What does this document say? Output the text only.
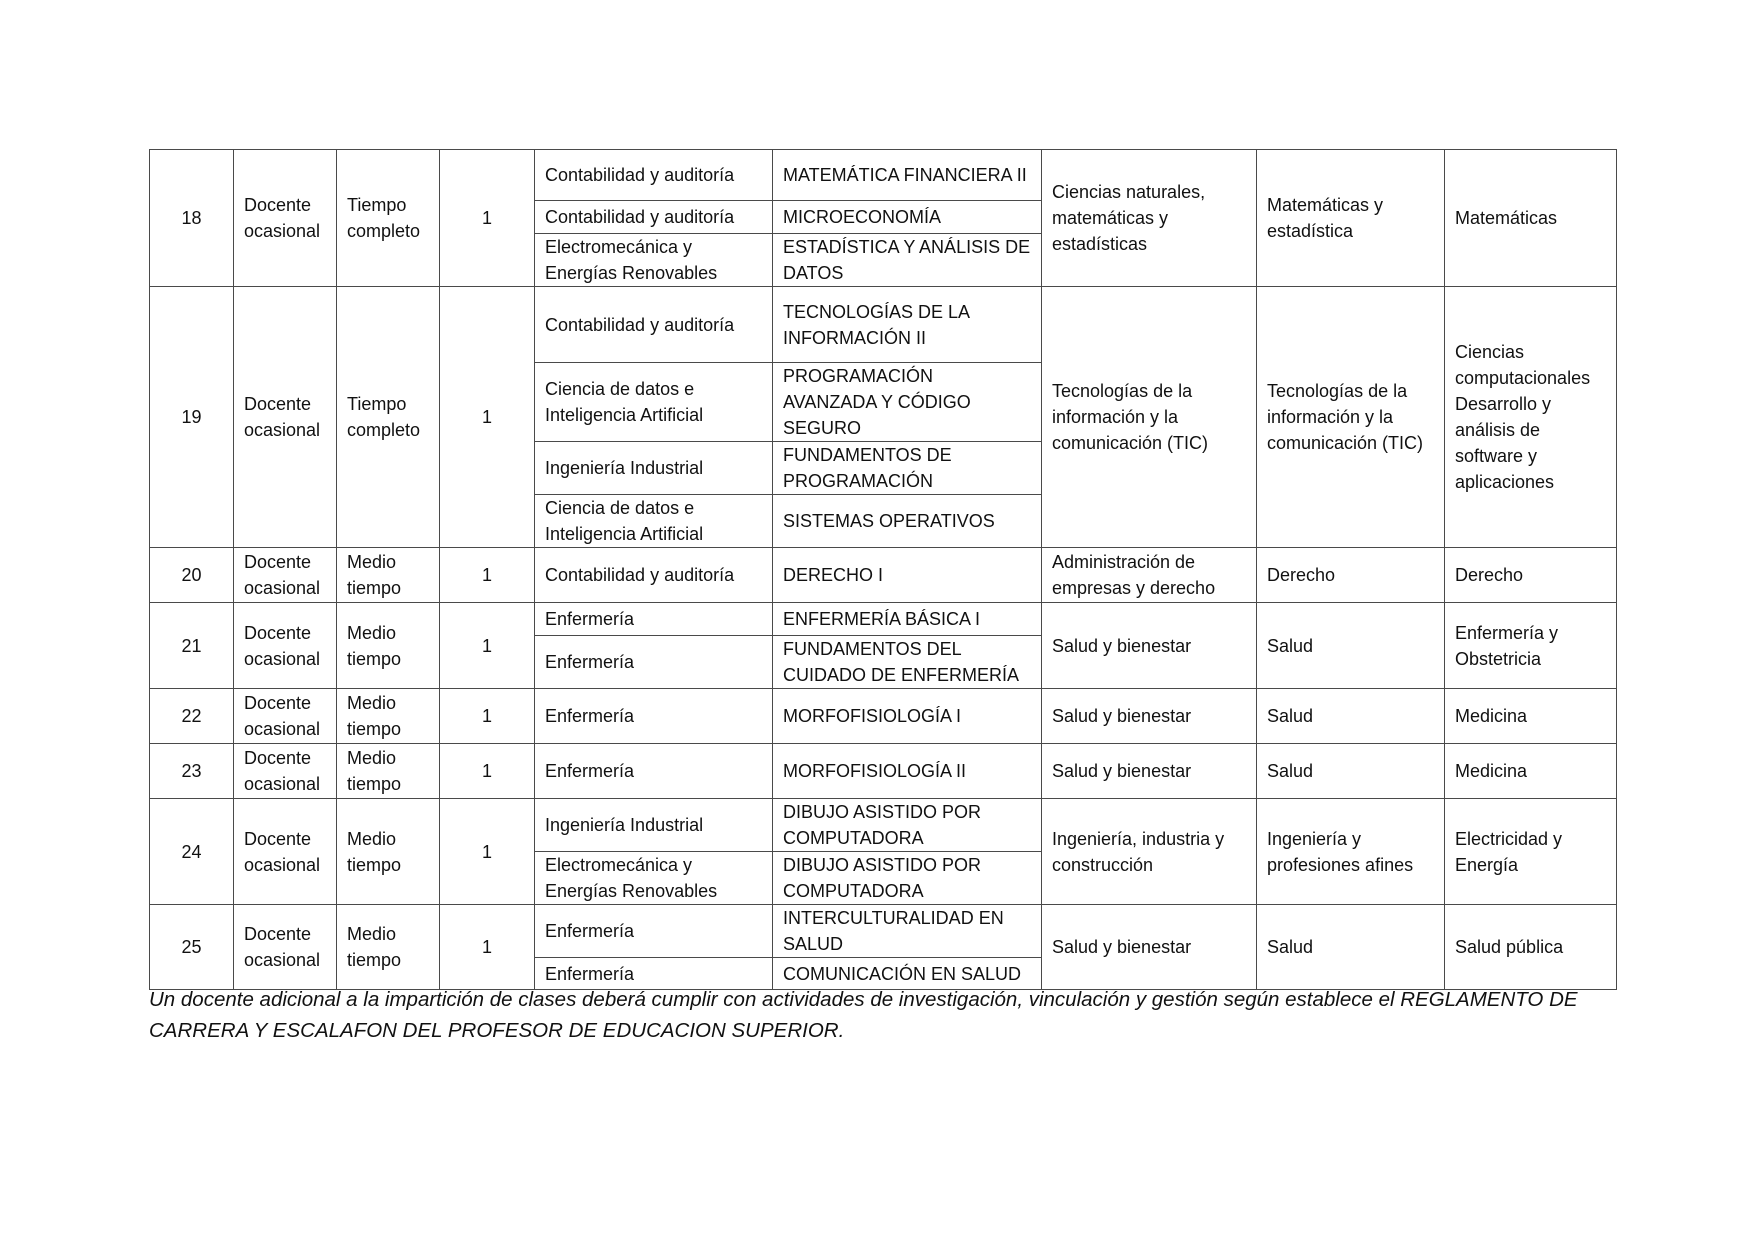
18	Docente ocasional	Tiempo completo	1	Contabilidad y auditoría	MATEMÁTICA FINANCIERA II	Ciencias naturales, matemáticas y estadísticas	Matemáticas y estadística	Matemáticas
				Contabilidad y auditoría	MICROECONOMÍA			
				Electromecánica y Energías Renovables	ESTADÍSTICA Y ANÁLISIS DE DATOS			
19	Docente ocasional	Tiempo completo	1	Contabilidad y auditoría	TECNOLOGÍAS DE LA INFORMACIÓN II	Tecnologías de la información y la comunicación (TIC)	Tecnologías de la información y la comunicación (TIC)	Ciencias computacionales Desarrollo y análisis de software y aplicaciones
				Ciencia de datos e Inteligencia Artificial	PROGRAMACIÓN AVANZADA Y CÓDIGO SEGURO			
				Ingeniería Industrial	FUNDAMENTOS DE PROGRAMACIÓN			
				Ciencia de datos e Inteligencia Artificial	SISTEMAS OPERATIVOS			
20	Docente ocasional	Medio tiempo	1	Contabilidad y auditoría	DERECHO I	Administración de empresas y derecho	Derecho	Derecho
21	Docente ocasional	Medio tiempo	1	Enfermería	ENFERMERÍA BÁSICA I	Salud y bienestar	Salud	Enfermería y Obstetricia
				Enfermería	FUNDAMENTOS DEL CUIDADO DE ENFERMERÍA			
22	Docente ocasional	Medio tiempo	1	Enfermería	MORFOFISIOLOGÍA I	Salud y bienestar	Salud	Medicina
23	Docente ocasional	Medio tiempo	1	Enfermería	MORFOFISIOLOGÍA II	Salud y bienestar	Salud	Medicina
24	Docente ocasional	Medio tiempo	1	Ingeniería Industrial	DIBUJO ASISTIDO POR COMPUTADORA	Ingeniería, industria y construcción	Ingeniería y profesiones afines	Electricidad y Energía
				Electromecánica y Energías Renovables	DIBUJO ASISTIDO POR COMPUTADORA			
25	Docente ocasional	Medio tiempo	1	Enfermería	INTERCULTURALIDAD EN SALUD	Salud y bienestar	Salud	Salud pública
				Enfermería	COMUNICACIÓN EN SALUD			
Un docente adicional a la impartición de clases deberá cumplir con actividades de investigación, vinculación y gestión según establece el REGLAMENTO DE CARRERA Y ESCALAFON DEL PROFESOR DE EDUCACION SUPERIOR.
